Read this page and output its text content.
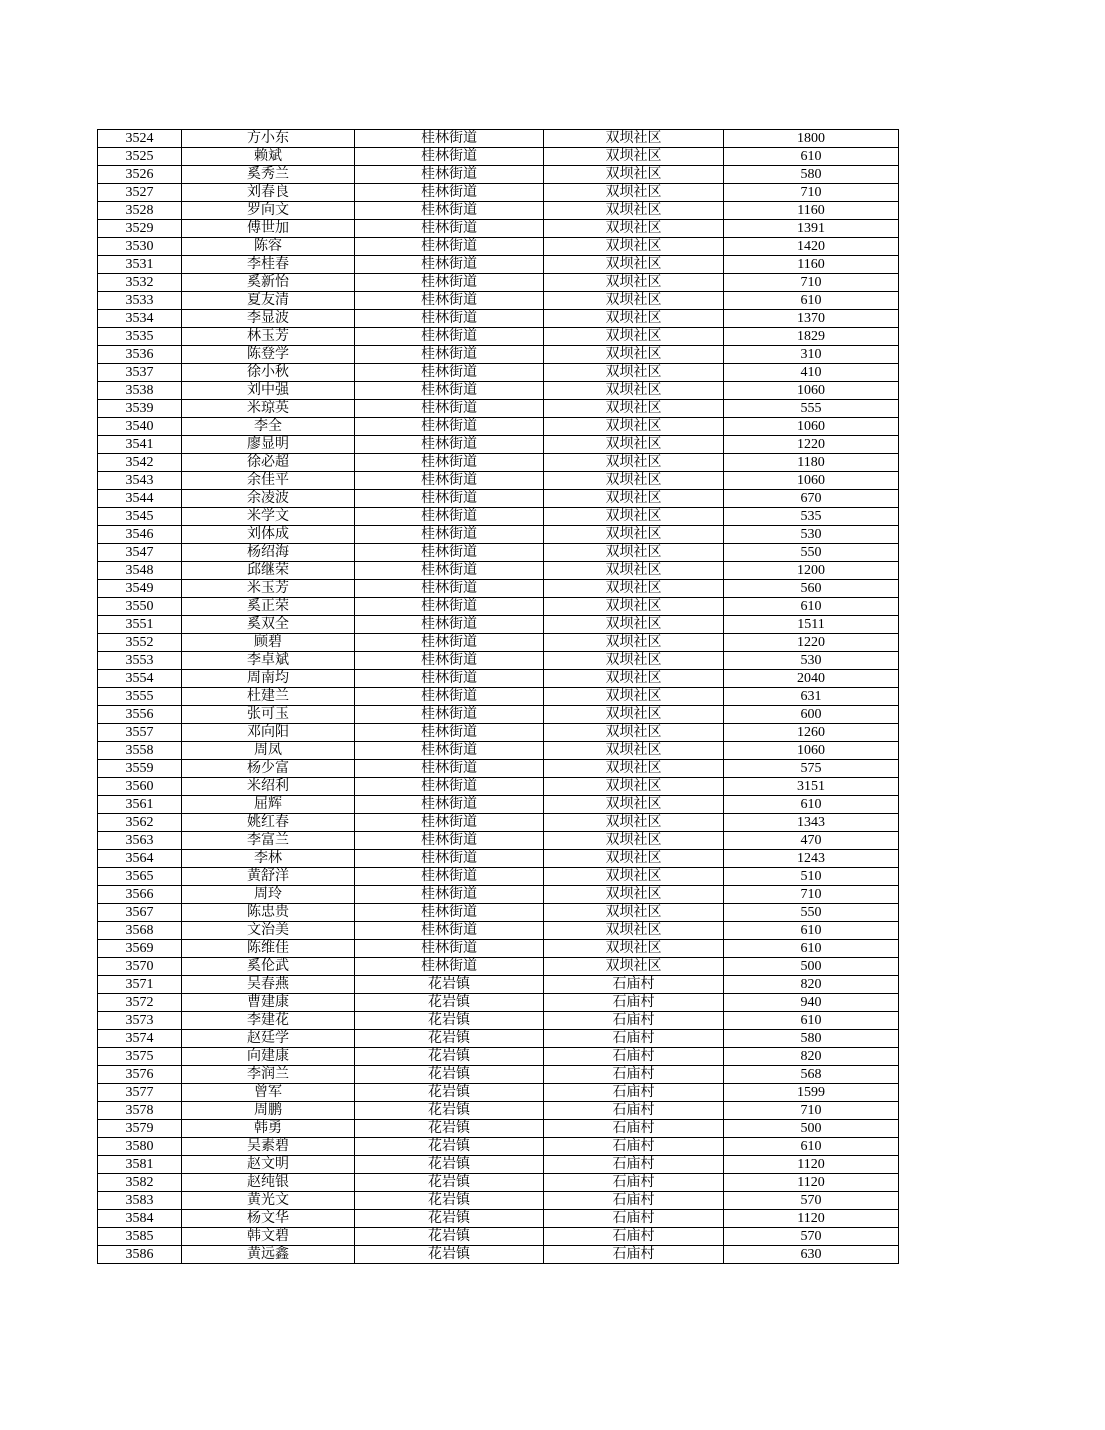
3524	方小东	桂林街道	双坝社区	1800
3525	赖斌	桂林街道	双坝社区	610
3526	奚秀兰	桂林街道	双坝社区	580
3527	刘春良	桂林街道	双坝社区	710
3528	罗向文	桂林街道	双坝社区	1160
3529	傅世加	桂林街道	双坝社区	1391
3530	陈容	桂林街道	双坝社区	1420
3531	李桂春	桂林街道	双坝社区	1160
3532	奚新怡	桂林街道	双坝社区	710
3533	夏友清	桂林街道	双坝社区	610
3534	李显波	桂林街道	双坝社区	1370
3535	林玉芳	桂林街道	双坝社区	1829
3536	陈登学	桂林街道	双坝社区	310
3537	徐小秋	桂林街道	双坝社区	410
3538	刘中强	桂林街道	双坝社区	1060
3539	米琼英	桂林街道	双坝社区	555
3540	李全	桂林街道	双坝社区	1060
3541	廖显明	桂林街道	双坝社区	1220
3542	徐必超	桂林街道	双坝社区	1180
3543	余佳平	桂林街道	双坝社区	1060
3544	余凌波	桂林街道	双坝社区	670
3545	米学文	桂林街道	双坝社区	535
3546	刘体成	桂林街道	双坝社区	530
3547	杨绍海	桂林街道	双坝社区	550
3548	邱继荣	桂林街道	双坝社区	1200
3549	米玉芳	桂林街道	双坝社区	560
3550	奚正荣	桂林街道	双坝社区	610
3551	奚双全	桂林街道	双坝社区	1511
3552	顾碧	桂林街道	双坝社区	1220
3553	李卓斌	桂林街道	双坝社区	530
3554	周南均	桂林街道	双坝社区	2040
3555	杜建兰	桂林街道	双坝社区	631
3556	张可玉	桂林街道	双坝社区	600
3557	邓向阳	桂林街道	双坝社区	1260
3558	周凤	桂林街道	双坝社区	1060
3559	杨少富	桂林街道	双坝社区	575
3560	米绍利	桂林街道	双坝社区	3151
3561	屈辉	桂林街道	双坝社区	610
3562	姚红春	桂林街道	双坝社区	1343
3563	李富兰	桂林街道	双坝社区	470
3564	李林	桂林街道	双坝社区	1243
3565	黄舒洋	桂林街道	双坝社区	510
3566	周玲	桂林街道	双坝社区	710
3567	陈忠贵	桂林街道	双坝社区	550
3568	文治美	桂林街道	双坝社区	610
3569	陈维佳	桂林街道	双坝社区	610
3570	奚伦武	桂林街道	双坝社区	500
3571	吴春燕	花岩镇	石庙村	820
3572	曹建康	花岩镇	石庙村	940
3573	李建花	花岩镇	石庙村	610
3574	赵廷学	花岩镇	石庙村	580
3575	向建康	花岩镇	石庙村	820
3576	李润兰	花岩镇	石庙村	568
3577	曾军	花岩镇	石庙村	1599
3578	周鹏	花岩镇	石庙村	710
3579	韩勇	花岩镇	石庙村	500
3580	吴素碧	花岩镇	石庙村	610
3581	赵文明	花岩镇	石庙村	1120
3582	赵纯银	花岩镇	石庙村	1120
3583	黄光文	花岩镇	石庙村	570
3584	杨文华	花岩镇	石庙村	1120
3585	韩文碧	花岩镇	石庙村	570
3586	黄远鑫	花岩镇	石庙村	630
